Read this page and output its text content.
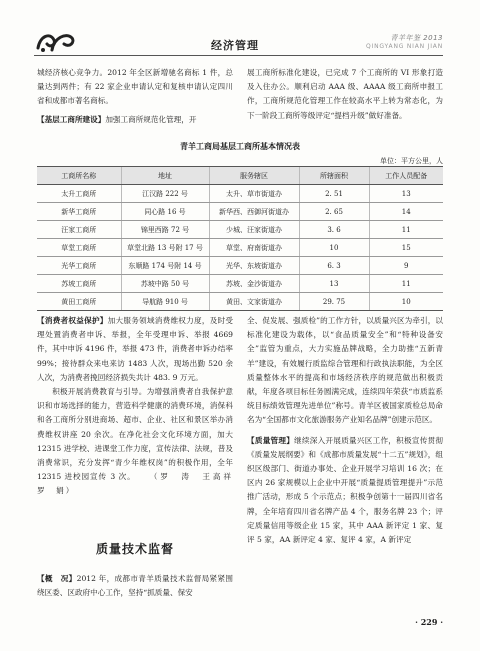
经济管理
青羊年鉴 2013
QINGYANG NIAN JIAN

城经济核心竞争力。2012 年全区新增驰名商标 1 件，总量达到两件；有 22 家企业申请认定和复核申请认定四川省和成都市著名商标。

【基层工商所建设】加强工商所规范化管理，开

展工商所标准化建设，已完成 7 个工商所的 VI 形象打造及入住办公。顺利启动 AAA 级、AAAA 级工商所申报工作，工商所规范化管理工作在较高水平上转为常态化，为下一阶段工商所等级评定“提档升级”做好准备。

青羊工商局基层工商所基本情况表
单位：平方公里，人
工商所名称	地址	服务辖区	所辖面积	工作人员配备
太升工商所	江汉路 222 号	太升、草市街道办	2. 51	13
新华工商所	同心路 16 号	新华西、西御河街道办	2. 65	14
汪家工商所	锦里西路 72 号	少城、汪家街道办	3. 6	11
草堂工商所	草堂北路 13 号附 17 号	草堂、府南街道办	10	15
光华工商所	东顺路 174 号附 14 号	光华、东坡街道办	6. 3	9
苏坡工商所	苏坡中路 50 号	苏坡、金沙街道办	13	11
黄田工商所	导航路 910 号	黄田、文家街道办	29. 75	10

【消费者权益保护】加大服务领域消费维权力度，及时受理处置消费者申诉、举报，全年受理申诉、举报 4669 件，其中申诉 4196 件，举报 473 件，消费者申诉办结率 99%；接待群众来电来访 1483 人次，现场出勤 520 余人次，为消费者挽回经济损失共计 483. 9 万元。

积极开展消费教育与引导。为增强消费者自我保护意识和市场选择的能力，营造科学健康的消费环境，消保科和各工商所分别进商场、超市、企业、社区和景区举办消费维权讲座 20 余次。在净化社会文化环境方面，加大 12315 进学校、进课堂工作力度，宣传法律、法规，普及消费常识，充分发挥“青少年维权岗”的积极作用，全年 12315 进校园宣传 3 次。 （罗　涛　王高祥　罗　娟）

质量技术监督

【概　况】2012 年，成都市青羊质量技术监督局紧紧围绕区委、区政府中心工作，坚持“抓质量、保安

全、促发展、强质检”的工作方针，以质量兴区为牵引，以标准化建设为载体，以“食品质量安全”和“特种设备安全”监管为重点，大力实施品牌战略，全力助推“五新青羊”建设，有效履行质监综合管理和行政执法职能，为全区质量整体水平的提高和市场经济秩序的规范做出积极贡献，年度各项目标任务圆满完成，连续四年荣获“市质监系统目标绩效管理先进单位”称号。青羊区被国家质检总局命名为“全国都市文化旅游服务产业知名品牌”创建示范区。

【质量管理】继续深入开展质量兴区工作，积极宣传贯彻《质量发展纲要》和《成都市质量发展“十二五”规划》，组织区级部门、街道办事处、企业开展学习培训 16 次；在区内 26 家规模以上企业中开展“质量提质管理提升”示范推广活动，形成 5 个示范点；积极争创第十一届四川省名牌，全年培育四川省名牌产品 4 个，服务名牌 23 个；评定质量信用等级企业 15 家，其中 AAA 新评定 1 家、复评 5 家，AA 新评定 4 家、复评 4 家，A 新评定

· 229 ·
